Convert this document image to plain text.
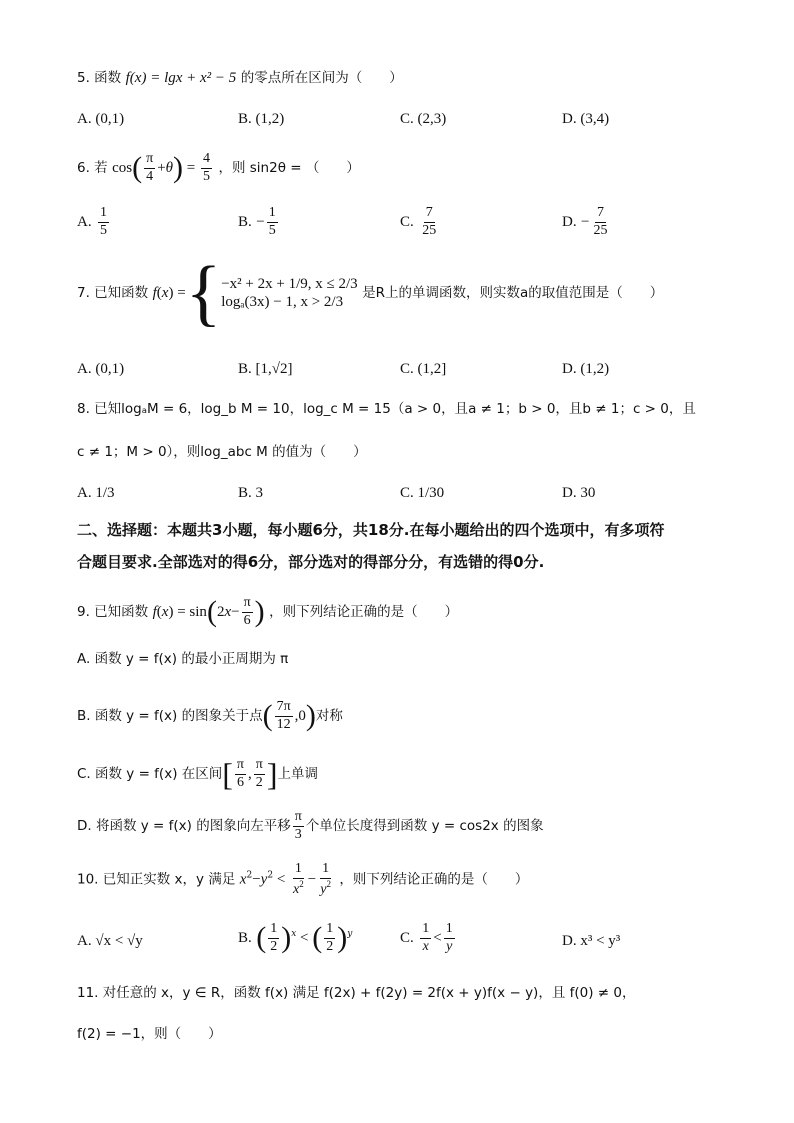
5. 函数 f(x) = lgx + x² − 5 的零点所在区间为（　　）
A. (0,1)	B. (1,2)	C. (2,3)	D. (3,4)
6. 若 $\cos( \frac{\pi}{4} +\theta) = \frac{4}{5}$ ，则 sin2θ = （　　）
A. $\frac{1}{5}$	B. − $\frac{1}{5}$	C. $\frac{7}{25}$	D. − $\frac{7}{25}$
7. 已知函数 f(x) ={ −x² + 2x + 1/9, x ≤ 2/3
logₐ(3x) − 1, x > 2/3
是R上的单调函数，则实数a的取值范围是（　　）
A. (0,1)	B. [1,√2]	C. (1,2]	D. (1,2)
8. 已知logₐM = 6，log_b M = 10，log_c M = 15（a > 0，且a ≠ 1；b > 0，且b ≠ 1；c > 0，且
c ≠ 1；M > 0），则log_abc M 的值为（　　）
A. 1/3	B. 3	C. 1/30	D. 30
二、选择题：本题共3小题，每小题6分，共18分.在每小题给出的四个选项中，有多项符
合题目要求.全部选对的得6分，部分选对的得部分分，有选错的得0分.
9. 已知函数 $f(x) = \sin(2x- \frac{\pi}{6}$ ) ，则下列结论正确的是（　　）
A. 函数 y = f(x) 的最小正周期为 π
B. 函数 y = f(x) 的图象关于点( $\frac{7\pi}{12} ,0$)对称
C. 函数 y = f(x) 在区间[ $\frac{\pi}{6}$ , $\frac{\pi}{2}$ ]上单调
D. 将函数 y = f(x) 的图象向左平移 $\frac{\pi}{3}$ 个单位长度得到函数 y = cos2x 的图象
10. 已知正实数 x，y 满足 $x^2-y^2 < \frac{1}{x^2} - \frac{1}{y^2}$ ，则下列结论正确的是（　　）
A. √x < √y	B. ( $\frac{1}{2} )^x$ < ( $\frac{1}{2} )^y$	C. $\frac{1}{x} < \frac{1}{y}$	D. x³ < y³
11. 对任意的 x，y ∈ R，函数 f(x) 满足 f(2x) + f(2y) = 2f(x + y)f(x − y)，且 f(0) ≠ 0，
f(2) = −1，则（　　）
